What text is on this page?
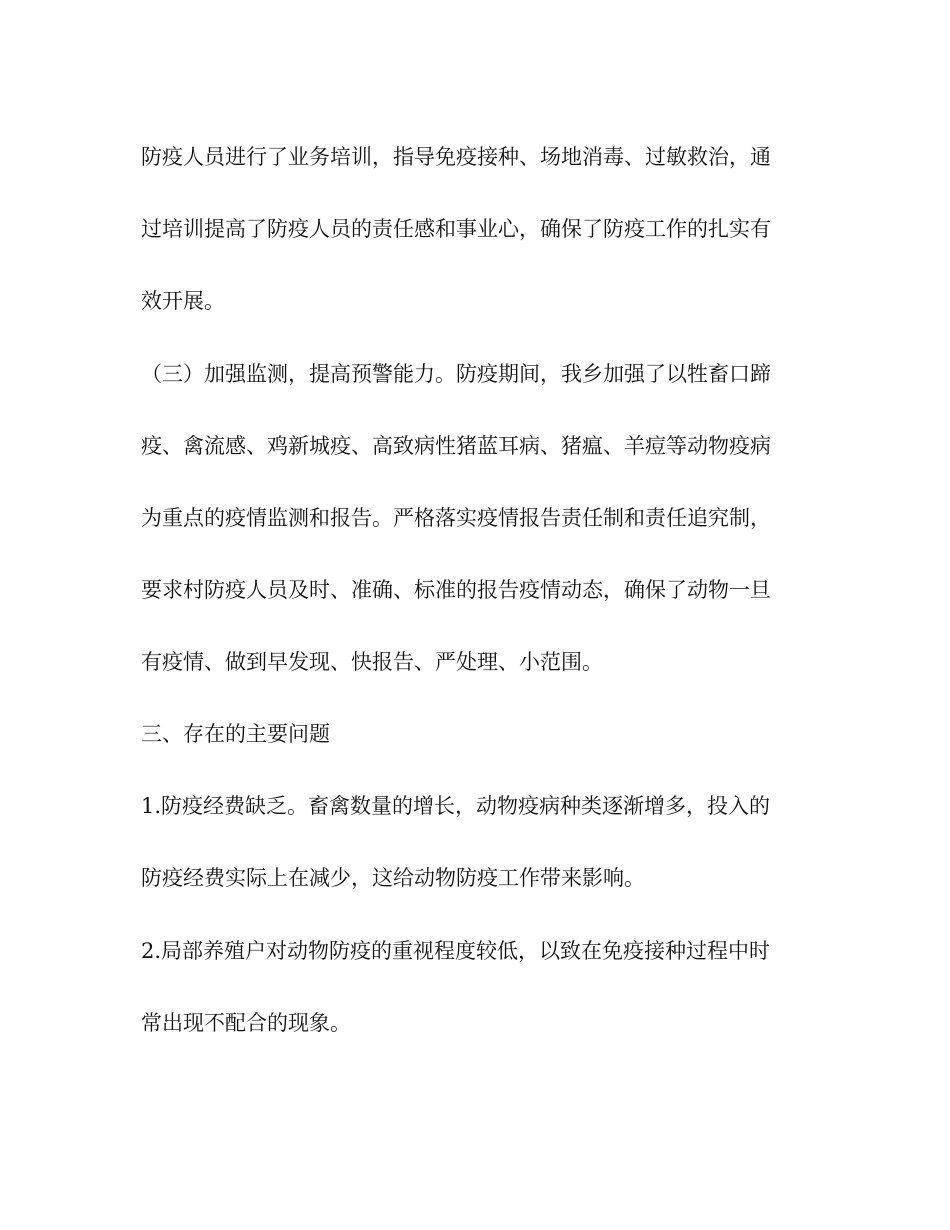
防疫人员进行了业务培训，指导免疫接种、场地消毒、过敏救治，通
过培训提高了防疫人员的责任感和事业心，确保了防疫工作的扎实有
效开展。
（三）加强监测，提高预警能力。防疫期间，我乡加强了以牲畜口蹄
疫、禽流感、鸡新城疫、高致病性猪蓝耳病、猪瘟、羊痘等动物疫病
为重点的疫情监测和报告。严格落实疫情报告责任制和责任追究制，
要求村防疫人员及时、准确、标准的报告疫情动态，确保了动物一旦
有疫情、做到早发现、快报告、严处理、小范围。
三、存在的主要问题
1.防疫经费缺乏。畜禽数量的增长，动物疫病种类逐渐增多，投入的
防疫经费实际上在减少，这给动物防疫工作带来影响。
2.局部养殖户对动物防疫的重视程度较低，以致在免疫接种过程中时
常出现不配合的现象。
